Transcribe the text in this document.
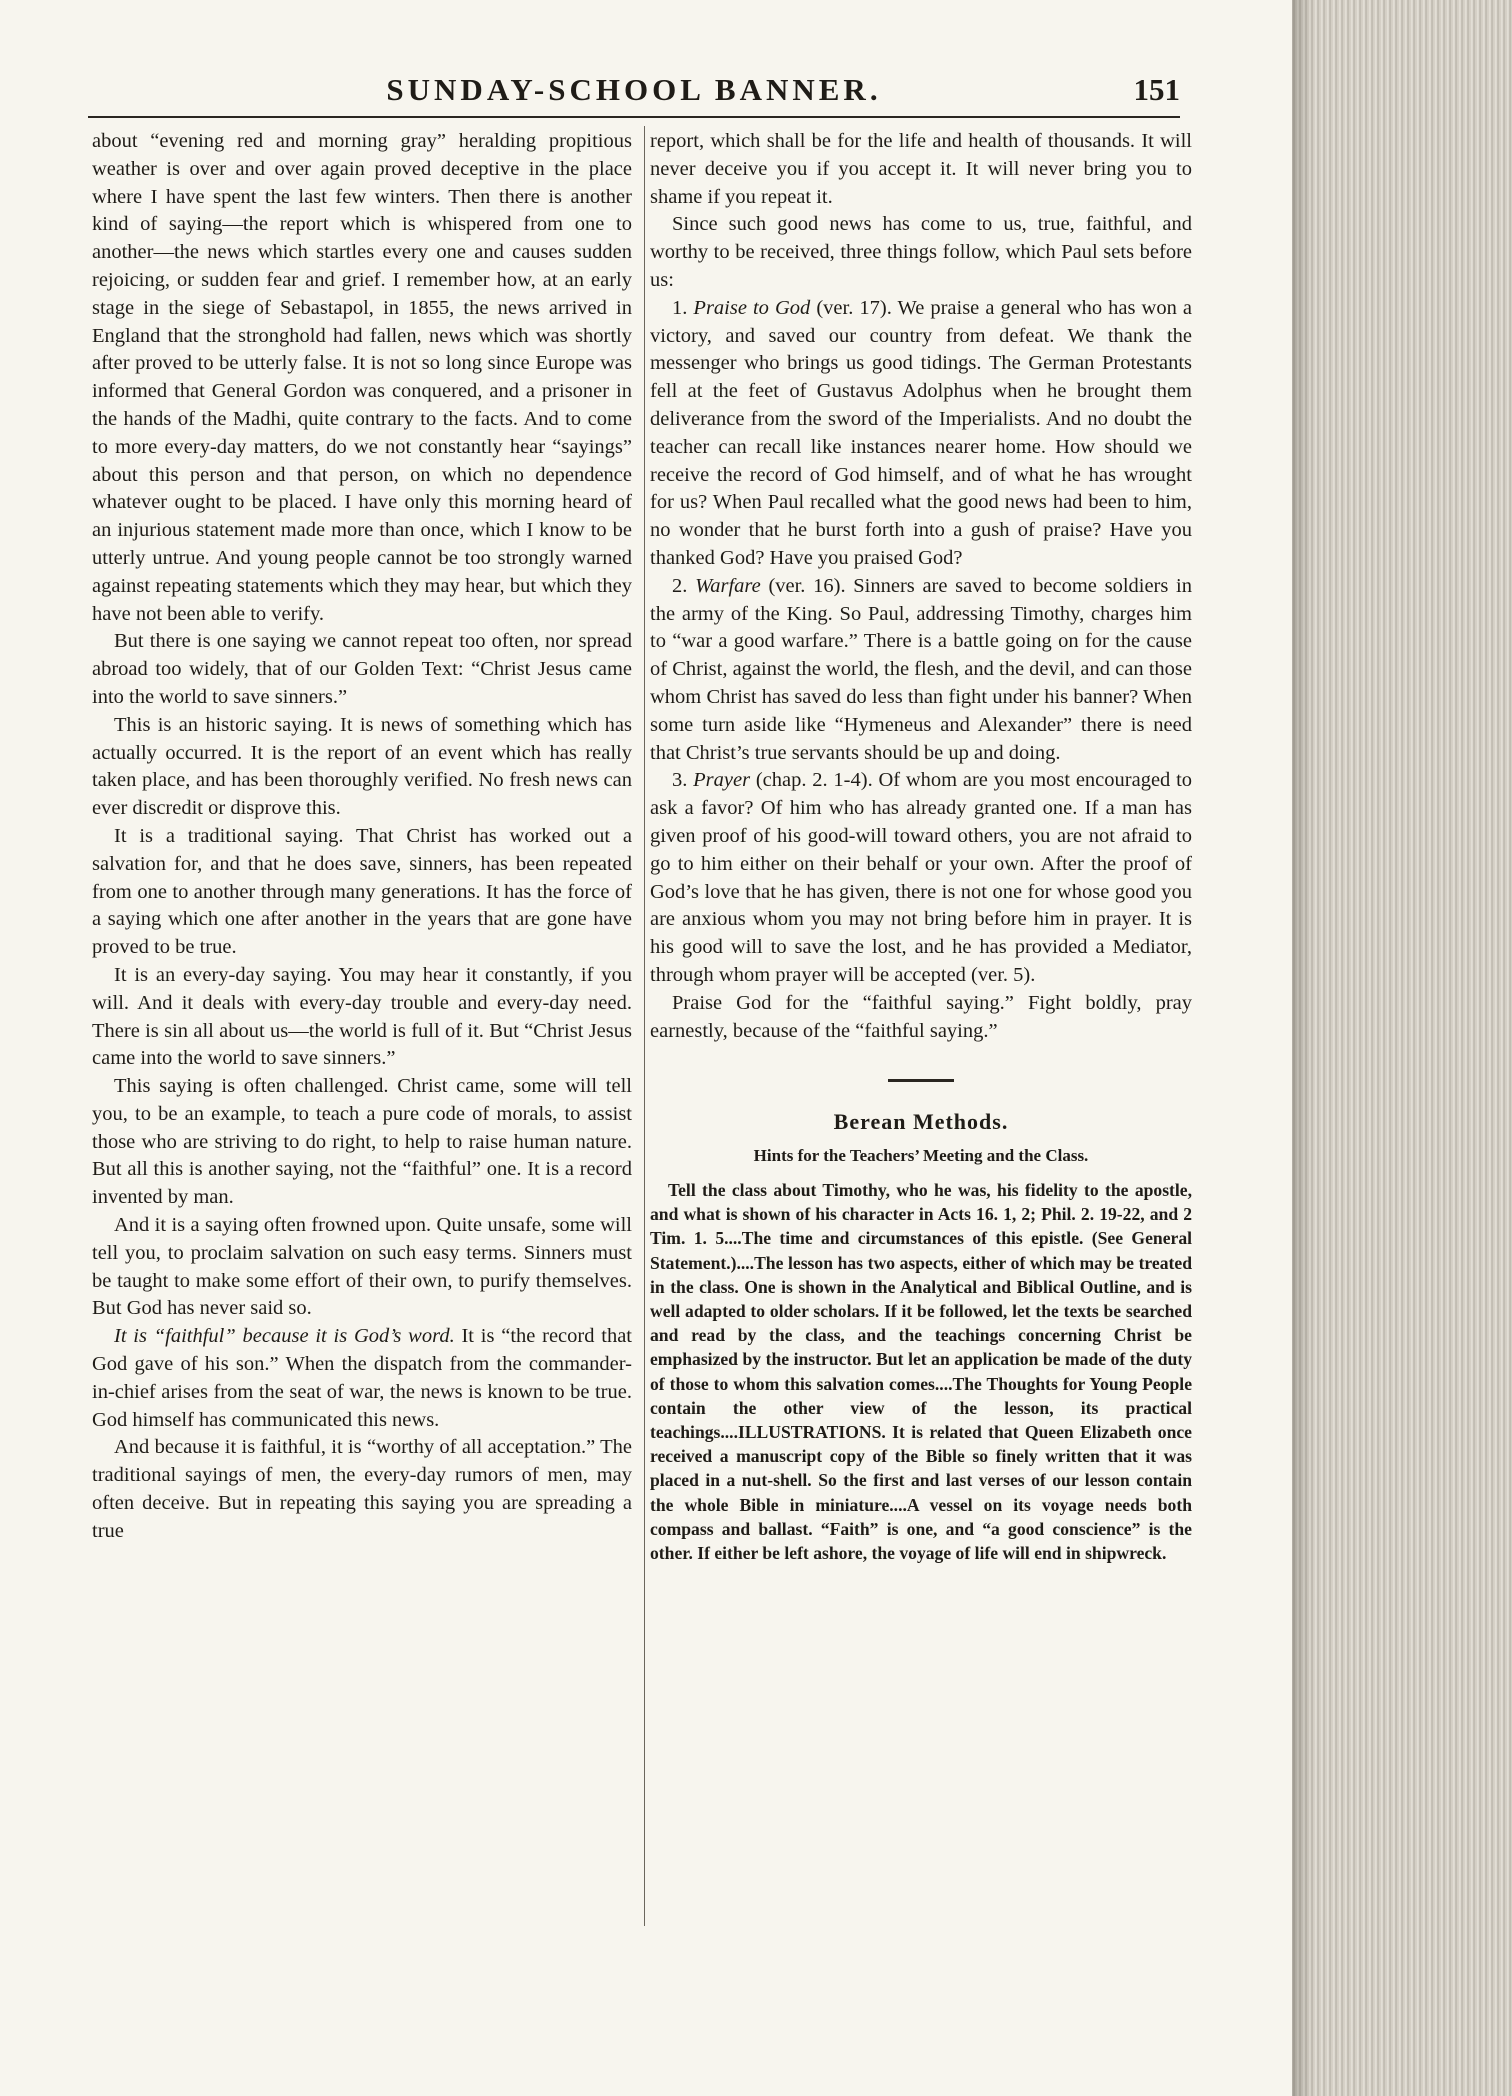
SUNDAY-SCHOOL BANNER.	151

about “evening red and morning gray” heralding propitious weather is over and over again proved deceptive in the place where I have spent the last few winters. Then there is another kind of saying—the report which is whispered from one to another—the news which startles every one and causes sudden rejoicing, or sudden fear and grief. I remember how, at an early stage in the siege of Sebastapol, in 1855, the news arrived in England that the stronghold had fallen, news which was shortly after proved to be utterly false. It is not so long since Europe was informed that General Gordon was conquered, and a prisoner in the hands of the Madhi, quite contrary to the facts. And to come to more every-day matters, do we not constantly hear “sayings” about this person and that person, on which no dependence whatever ought to be placed. I have only this morning heard of an injurious statement made more than once, which I know to be utterly untrue. And young people cannot be too strongly warned against repeating statements which they may hear, but which they have not been able to verify.

But there is one saying we cannot repeat too often, nor spread abroad too widely, that of our Golden Text: “Christ Jesus came into the world to save sinners.”

This is an historic saying. It is news of something which has actually occurred. It is the report of an event which has really taken place, and has been thoroughly verified. No fresh news can ever discredit or disprove this.

It is a traditional saying. That Christ has worked out a salvation for, and that he does save, sinners, has been repeated from one to another through many generations. It has the force of a saying which one after another in the years that are gone have proved to be true.

It is an every-day saying. You may hear it constantly, if you will. And it deals with every-day trouble and every-day need. There is sin all about us—the world is full of it. But “Christ Jesus came into the world to save sinners.”

This saying is often challenged. Christ came, some will tell you, to be an example, to teach a pure code of morals, to assist those who are striving to do right, to help to raise human nature. But all this is another saying, not the “faithful” one. It is a record invented by man.

And it is a saying often frowned upon. Quite unsafe, some will tell you, to proclaim salvation on such easy terms. Sinners must be taught to make some effort of their own, to purify themselves. But God has never said so.

It is “faithful” because it is God’s word. It is “the record that God gave of his son.” When the dispatch from the commander-in-chief arises from the seat of war, the news is known to be true. God himself has communicated this news.

And because it is faithful, it is “worthy of all acceptation.” The traditional sayings of men, the every-day rumors of men, may often deceive. But in repeating this saying you are spreading a true

report, which shall be for the life and health of thousands. It will never deceive you if you accept it. It will never bring you to shame if you repeat it.

Since such good news has come to us, true, faithful, and worthy to be received, three things follow, which Paul sets before us:

1. Praise to God (ver. 17). We praise a general who has won a victory, and saved our country from defeat. We thank the messenger who brings us good tidings. The German Protestants fell at the feet of Gustavus Adolphus when he brought them deliverance from the sword of the Imperialists. And no doubt the teacher can recall like instances nearer home. How should we receive the record of God himself, and of what he has wrought for us? When Paul recalled what the good news had been to him, no wonder that he burst forth into a gush of praise? Have you thanked God? Have you praised God?

2. Warfare (ver. 16). Sinners are saved to become soldiers in the army of the King. So Paul, addressing Timothy, charges him to “war a good warfare.” There is a battle going on for the cause of Christ, against the world, the flesh, and the devil, and can those whom Christ has saved do less than fight under his banner? When some turn aside like “Hymeneus and Alexander” there is need that Christ’s true servants should be up and doing.

3. Prayer (chap. 2. 1-4). Of whom are you most encouraged to ask a favor? Of him who has already granted one. If a man has given proof of his good-will toward others, you are not afraid to go to him either on their behalf or your own. After the proof of God’s love that he has given, there is not one for whose good you are anxious whom you may not bring before him in prayer. It is his good will to save the lost, and he has provided a Mediator, through whom prayer will be accepted (ver. 5).

Praise God for the “faithful saying.” Fight boldly, pray earnestly, because of the “faithful saying.”

Berean Methods.
Hints for the Teachers’ Meeting and the Class.

Tell the class about Timothy, who he was, his fidelity to the apostle, and what is shown of his character in Acts 16. 1, 2; Phil. 2. 19-22, and 2 Tim. 1. 5....The time and circumstances of this epistle. (See General Statement.)....The lesson has two aspects, either of which may be treated in the class. One is shown in the Analytical and Biblical Outline, and is well adapted to older scholars. If it be followed, let the texts be searched and read by the class, and the teachings concerning Christ be emphasized by the instructor. But let an application be made of the duty of those to whom this salvation comes....The Thoughts for Young People contain the other view of the lesson, its practical teachings....ILLUSTRATIONS. It is related that Queen Elizabeth once received a manuscript copy of the Bible so finely written that it was placed in a nut-shell. So the first and last verses of our lesson contain the whole Bible in miniature....A vessel on its voyage needs both compass and ballast. “Faith” is one, and “a good conscience” is the other. If either be left ashore, the voyage of life will end in shipwreck.
